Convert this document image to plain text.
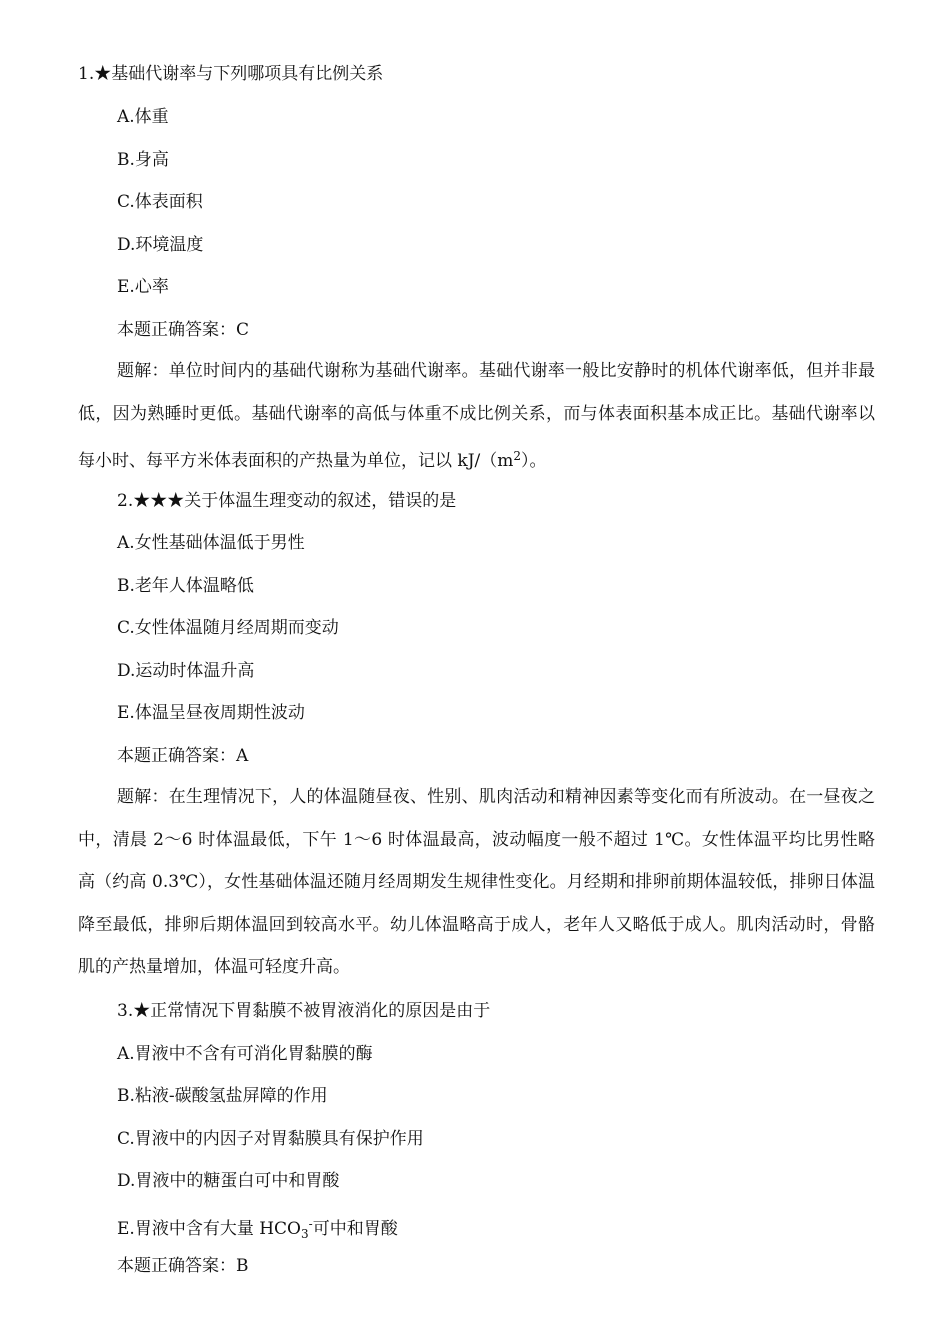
1.★基础代谢率与下列哪项具有比例关系
A.体重
B.身高
C.体表面积
D.环境温度
E.心率
本题正确答案：C
题解：单位时间内的基础代谢称为基础代谢率。基础代谢率一般比安静时的机体代谢率低，但并非最低，因为熟睡时更低。基础代谢率的高低与体重不成比例关系，而与体表面积基本成正比。基础代谢率以每小时、每平方米体表面积的产热量为单位，记以 $kJ/(m^2)$。
2.★★★关于体温生理变动的叙述，错误的是
A.女性基础体温低于男性
B.老年人体温略低
C.女性体温随月经周期而变动
D.运动时体温升高
E.体温呈昼夜周期性波动
本题正确答案：A
题解：在生理情况下，人的体温随昼夜、性别、肌肉活动和精神因素等变化而有所波动。在一昼夜之中，清晨 2～6 时体温最低，下午 1～6 时体温最高，波动幅度一般不超过 1℃。女性体温平均比男性略高（约高 0.3℃），女性基础体温还随月经周期发生规律性变化。月经期和排卵前期体温较低，排卵日体温降至最低，排卵后期体温回到较高水平。幼儿体温略高于成人，老年人又略低于成人。肌肉活动时，骨骼肌的产热量增加，体温可轻度升高。
3.★正常情况下胃黏膜不被胃液消化的原因是由于
A.胃液中不含有可消化胃黏膜的酶
B.粘液-碳酸氢盐屏障的作用
C.胃液中的内因子对胃黏膜具有保护作用
D.胃液中的糖蛋白可中和胃酸
E.胃液中含有大量 $HCO_3^-$可中和胃酸
本题正确答案：B
